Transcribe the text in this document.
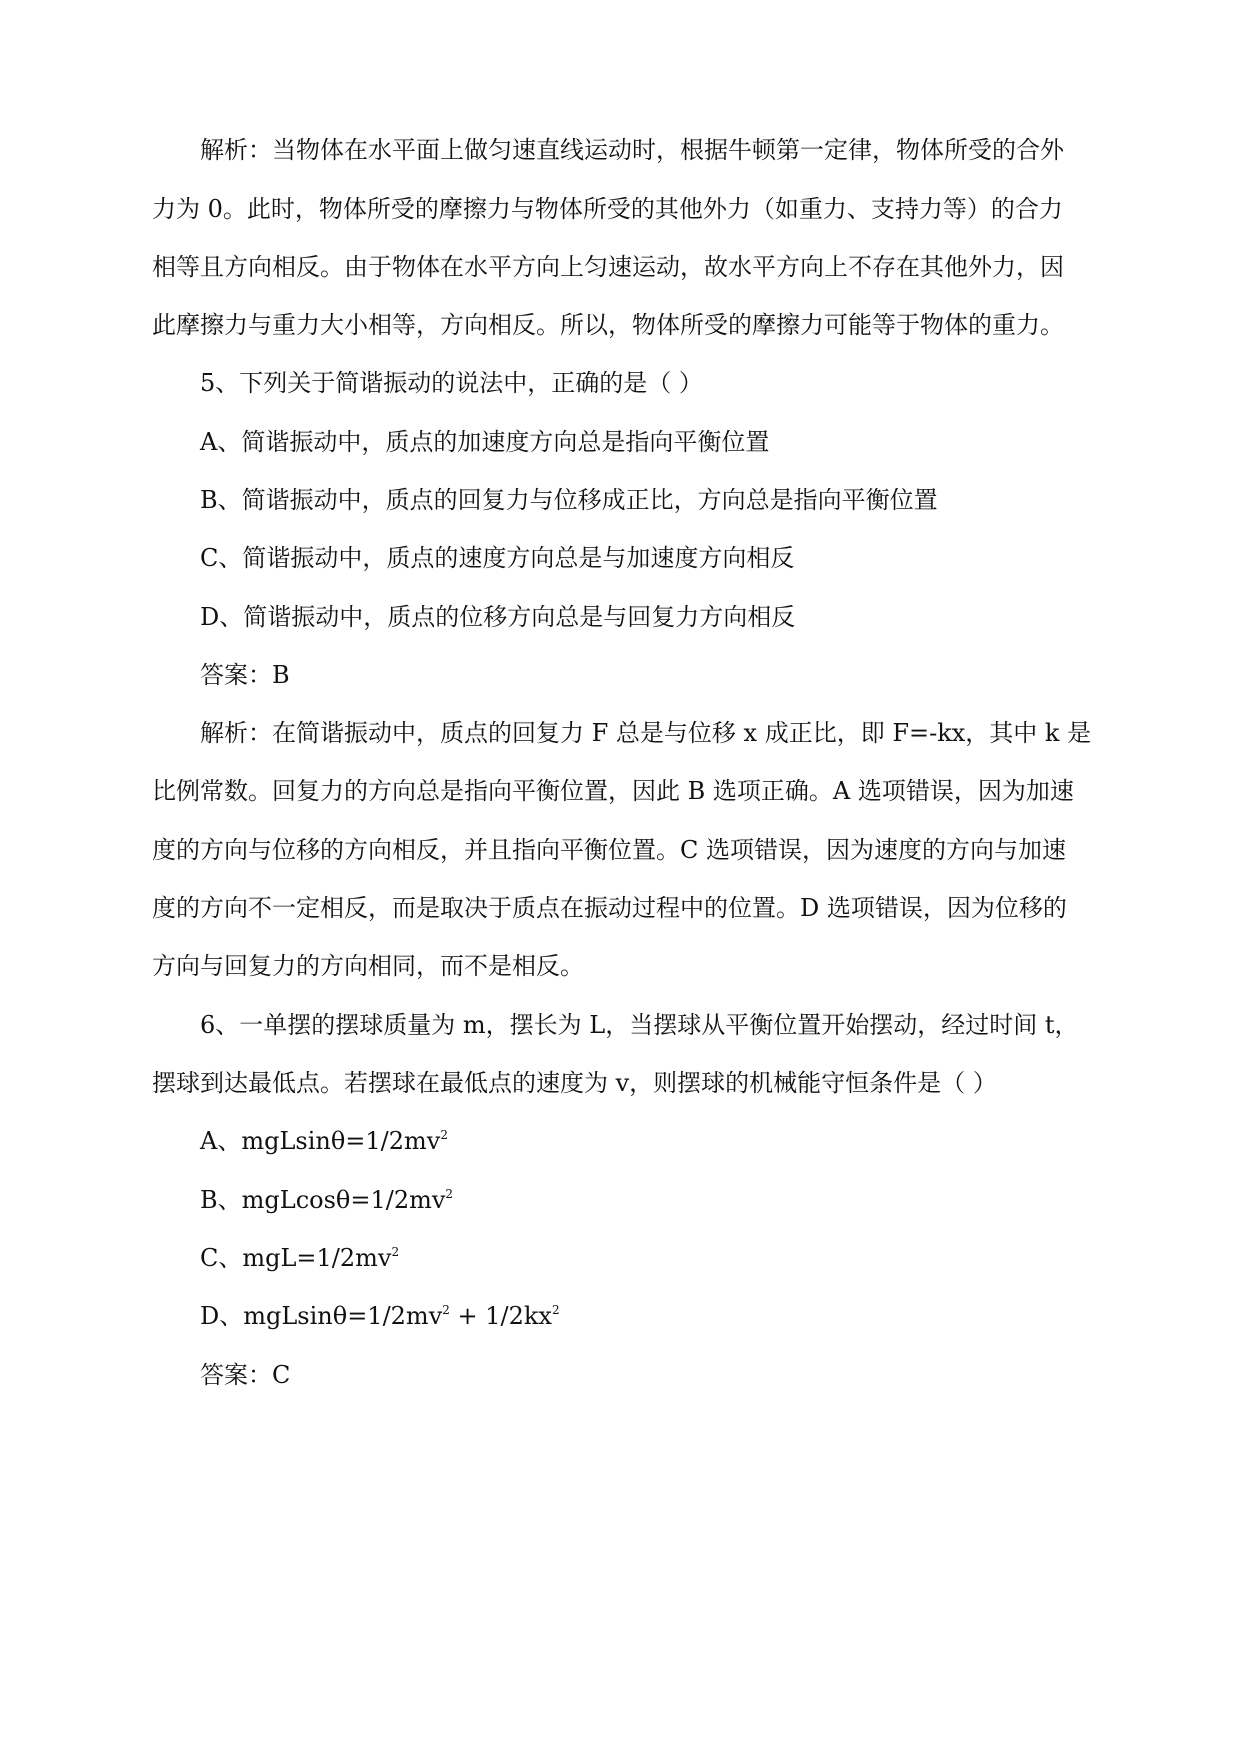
解析：当物体在水平面上做匀速直线运动时，根据牛顿第一定律，物体所受的合外
力为 0。此时，物体所受的摩擦力与物体所受的其他外力（如重力、支持力等）的合力
相等且方向相反。由于物体在水平方向上匀速运动，故水平方向上不存在其他外力，因
此摩擦力与重力大小相等，方向相反。所以，物体所受的摩擦力可能等于物体的重力。
5、下列关于简谐振动的说法中，正确的是（ ）
A、简谐振动中，质点的加速度方向总是指向平衡位置
B、简谐振动中，质点的回复力与位移成正比，方向总是指向平衡位置
C、简谐振动中，质点的速度方向总是与加速度方向相反
D、简谐振动中，质点的位移方向总是与回复力方向相反
答案：B
解析：在简谐振动中，质点的回复力 F 总是与位移 x 成正比，即 F=-kx，其中 k 是
比例常数。回复力的方向总是指向平衡位置，因此 B 选项正确。A 选项错误，因为加速
度的方向与位移的方向相反，并且指向平衡位置。C 选项错误，因为速度的方向与加速
度的方向不一定相反，而是取决于质点在振动过程中的位置。D 选项错误，因为位移的
方向与回复力的方向相同，而不是相反。
6、一单摆的摆球质量为 m，摆长为 L，当摆球从平衡位置开始摆动，经过时间 t，
摆球到达最低点。若摆球在最低点的速度为 v，则摆球的机械能守恒条件是（ ）
A、$mgLsin\theta=1/2mv^2$
B、$mgLcos\theta=1/2mv^2$
C、$mgL=1/2mv^2$
D、$mgLsin\theta=1/2mv^2 + 1/2kx^2$
答案：C
